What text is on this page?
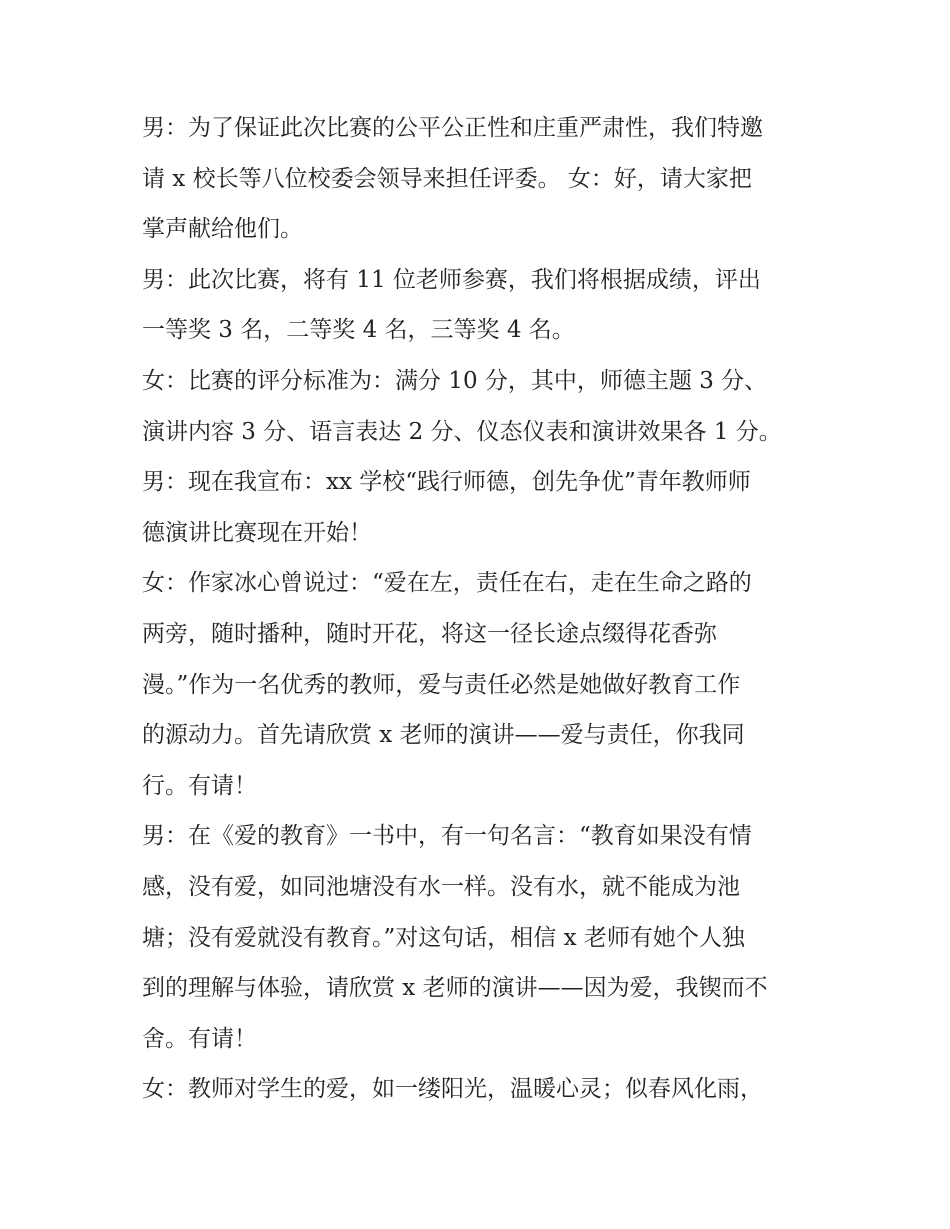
男：为了保证此次比赛的公平公正性和庄重严肃性，我们特邀
请 x 校长等八位校委会领导来担任评委。 女：好，请大家把
掌声献给他们。
男：此次比赛，将有 11 位老师参赛，我们将根据成绩，评出
一等奖 3 名，二等奖 4 名，三等奖 4 名。
女：比赛的评分标准为：满分 10 分，其中，师德主题 3 分、
演讲内容 3 分、语言表达 2 分、仪态仪表和演讲效果各 1 分。
男：现在我宣布：xx 学校“践行师德，创先争优”青年教师师
德演讲比赛现在开始！
女：作家冰心曾说过：“爱在左，责任在右，走在生命之路的
两旁，随时播种，随时开花，将这一径长途点缀得花香弥
漫。”作为一名优秀的教师，爱与责任必然是她做好教育工作
的源动力。首先请欣赏 x 老师的演讲——爱与责任，你我同
行。有请！
男：在《爱的教育》一书中，有一句名言：“教育如果没有情
感，没有爱，如同池塘没有水一样。没有水，就不能成为池
塘；没有爱就没有教育。”对这句话，相信 x 老师有她个人独
到的理解与体验，请欣赏 x 老师的演讲——因为爱，我锲而不
舍。有请！
女：教师对学生的爱，如一缕阳光，温暖心灵；似春风化雨，
